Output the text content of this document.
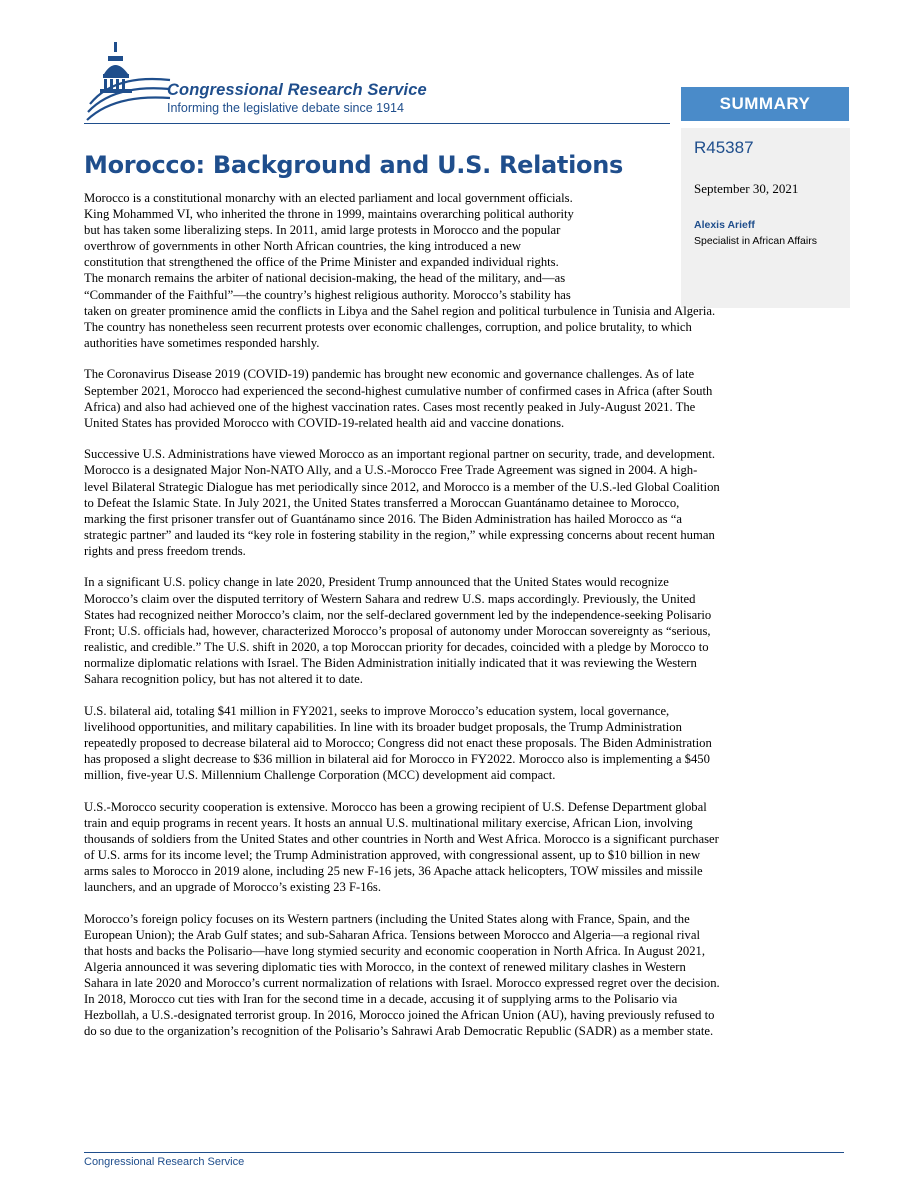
Congressional Research Service
Informing the legislative debate since 1914	SUMMARY
R45387
September 30, 2021
Alexis Arieff
Specialist in African Affairs
Morocco: Background and U.S. Relations

Morocco is a constitutional monarchy with an elected parliament and local government officials.
King Mohammed VI, who inherited the throne in 1999, maintains overarching political authority
but has taken some liberalizing steps. In 2011, amid large protests in Morocco and the popular
overthrow of governments in other North African countries, the king introduced a new
constitution that strengthened the office of the Prime Minister and expanded individual rights.
The monarch remains the arbiter of national decision-making, the head of the military, and—as
“Commander of the Faithful”—the country’s highest religious authority. Morocco’s stability has
taken on greater prominence amid the conflicts in Libya and the Sahel region and political turbulence in Tunisia and Algeria.
The country has nonetheless seen recurrent protests over economic challenges, corruption, and police brutality, to which
authorities have sometimes responded harshly.

The Coronavirus Disease 2019 (COVID-19) pandemic has brought new economic and governance challenges. As of late
September 2021, Morocco had experienced the second-highest cumulative number of confirmed cases in Africa (after South
Africa) and also had achieved one of the highest vaccination rates. Cases most recently peaked in July-August 2021. The
United States has provided Morocco with COVID-19-related health aid and vaccine donations.

Successive U.S. Administrations have viewed Morocco as an important regional partner on security, trade, and development.
Morocco is a designated Major Non-NATO Ally, and a U.S.-Morocco Free Trade Agreement was signed in 2004. A high-
level Bilateral Strategic Dialogue has met periodically since 2012, and Morocco is a member of the U.S.-led Global Coalition
to Defeat the Islamic State. In July 2021, the United States transferred a Moroccan Guantánamo detainee to Morocco,
marking the first prisoner transfer out of Guantánamo since 2016. The Biden Administration has hailed Morocco as “a
strategic partner” and lauded its “key role in fostering stability in the region,” while expressing concerns about recent human
rights and press freedom trends.

In a significant U.S. policy change in late 2020, President Trump announced that the United States would recognize
Morocco’s claim over the disputed territory of Western Sahara and redrew U.S. maps accordingly. Previously, the United
States had recognized neither Morocco’s claim, nor the self-declared government led by the independence-seeking Polisario
Front; U.S. officials had, however, characterized Morocco’s proposal of autonomy under Moroccan sovereignty as “serious,
realistic, and credible.” The U.S. shift in 2020, a top Moroccan priority for decades, coincided with a pledge by Morocco to
normalize diplomatic relations with Israel. The Biden Administration initially indicated that it was reviewing the Western
Sahara recognition policy, but has not altered it to date.

U.S. bilateral aid, totaling $41 million in FY2021, seeks to improve Morocco’s education system, local governance,
livelihood opportunities, and military capabilities. In line with its broader budget proposals, the Trump Administration
repeatedly proposed to decrease bilateral aid to Morocco; Congress did not enact these proposals. The Biden Administration
has proposed a slight decrease to $36 million in bilateral aid for Morocco in FY2022. Morocco also is implementing a $450
million, five-year U.S. Millennium Challenge Corporation (MCC) development aid compact.

U.S.-Morocco security cooperation is extensive. Morocco has been a growing recipient of U.S. Defense Department global
train and equip programs in recent years. It hosts an annual U.S. multinational military exercise, African Lion, involving
thousands of soldiers from the United States and other countries in North and West Africa. Morocco is a significant purchaser
of U.S. arms for its income level; the Trump Administration approved, with congressional assent, up to $10 billion in new
arms sales to Morocco in 2019 alone, including 25 new F-16 jets, 36 Apache attack helicopters, TOW missiles and missile
launchers, and an upgrade of Morocco’s existing 23 F-16s.

Morocco’s foreign policy focuses on its Western partners (including the United States along with France, Spain, and the
European Union); the Arab Gulf states; and sub-Saharan Africa. Tensions between Morocco and Algeria—a regional rival
that hosts and backs the Polisario—have long stymied security and economic cooperation in North Africa. In August 2021,
Algeria announced it was severing diplomatic ties with Morocco, in the context of renewed military clashes in Western
Sahara in late 2020 and Morocco’s current normalization of relations with Israel. Morocco expressed regret over the decision.
In 2018, Morocco cut ties with Iran for the second time in a decade, accusing it of supplying arms to the Polisario via
Hezbollah, a U.S.-designated terrorist group. In 2016, Morocco joined the African Union (AU), having previously refused to
do so due to the organization’s recognition of the Polisario’s Sahrawi Arab Democratic Republic (SADR) as a member state.

Congressional Research Service
